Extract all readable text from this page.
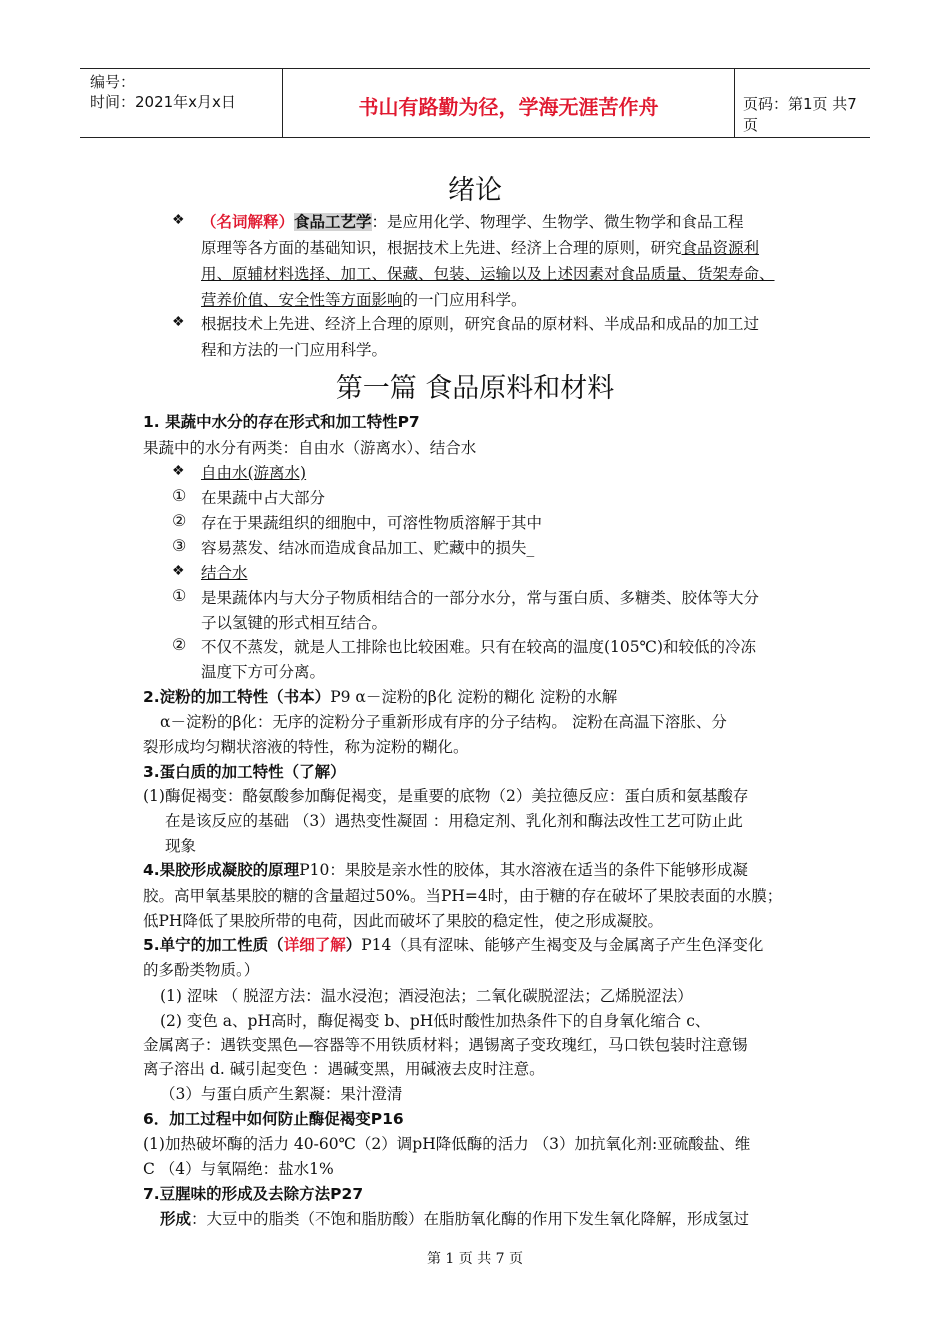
编号：
时间：2021年x月x日	书山有路勤为径，学海无涯苦作舟	页码：第1页 共7页
绪论
❖ （名词解释）食品工艺学：是应用化学、物理学、生物学、微生物学和食品工程
原理等各方面的基础知识，根据技术上先进、经济上合理的原则，研究食品资源利
用、原辅材料选择、加工、保藏、包装、运输以及上述因素对食品质量、货架寿命、
营养价值、安全性等方面影响的一门应用科学。
❖ 根据技术上先进、经济上合理的原则，研究食品的原材料、半成品和成品的加工过
程和方法的一门应用科学。
第一篇 食品原料和材料
1. 果蔬中水分的存在形式和加工特性P7
果蔬中的水分有两类：自由水（游离水）、结合水
❖ 自由水(游离水)
① 在果蔬中占大部分
② 存在于果蔬组织的细胞中，可溶性物质溶解于其中
③ 容易蒸发、结冰而造成食品加工、贮藏中的损失_
❖ 结合水
① 是果蔬体内与大分子物质相结合的一部分水分，常与蛋白质、多糖类、胶体等大分
子以氢键的形式相互结合。
② 不仅不蒸发，就是人工排除也比较困难。只有在较高的温度(105℃)和较低的冷冻
温度下方可分离。
2.淀粉的加工特性（书本）P9 α－淀粉的β化 淀粉的糊化 淀粉的水解
α－淀粉的β化：无序的淀粉分子重新形成有序的分子结构。 淀粉在高温下溶胀、分
裂形成均匀糊状溶液的特性，称为淀粉的糊化。
3.蛋白质的加工特性（了解）
(1)酶促褐变：酪氨酸参加酶促褐变，是重要的底物（2）美拉德反应：蛋白质和氨基酸存
在是该反应的基础 （3）遇热变性凝固 ：用稳定剂、乳化剂和酶法改性工艺可防止此
现象
4.果胶形成凝胶的原理P10：果胶是亲水性的胶体，其水溶液在适当的条件下能够形成凝
胶。高甲氧基果胶的糖的含量超过50%。当PH=4时，由于糖的存在破坏了果胶表面的水膜；
低PH降低了果胶所带的电荷，因此而破坏了果胶的稳定性，使之形成凝胶。
5.单宁的加工性质（详细了解）P14（具有涩味、能够产生褐变及与金属离子产生色泽变化
的多酚类物质。）
(1) 涩味 （ 脱涩方法：温水浸泡；酒浸泡法；二氧化碳脱涩法；乙烯脱涩法）
(2) 变色 a、pH高时，酶促褐变 b、pH低时酸性加热条件下的自身氧化缩合 c、
金属离子：遇铁变黑色—容器等不用铁质材料；遇锡离子变玫瑰红，马口铁包装时注意锡
离子溶出 d. 碱引起变色 ：遇碱变黑，用碱液去皮时注意。
（3）与蛋白质产生絮凝：果汁澄清
6．加工过程中如何防止酶促褐变P16
(1)加热破坏酶的活力 40-60℃（2）调pH降低酶的活力 （3）加抗氧化剂:亚硫酸盐、维
C （4）与氧隔绝：盐水1%
7.豆腥味的形成及去除方法P27
形成：大豆中的脂类（不饱和脂肪酸）在脂肪氧化酶的作用下发生氧化降解，形成氢过
第 1 页 共 7 页
